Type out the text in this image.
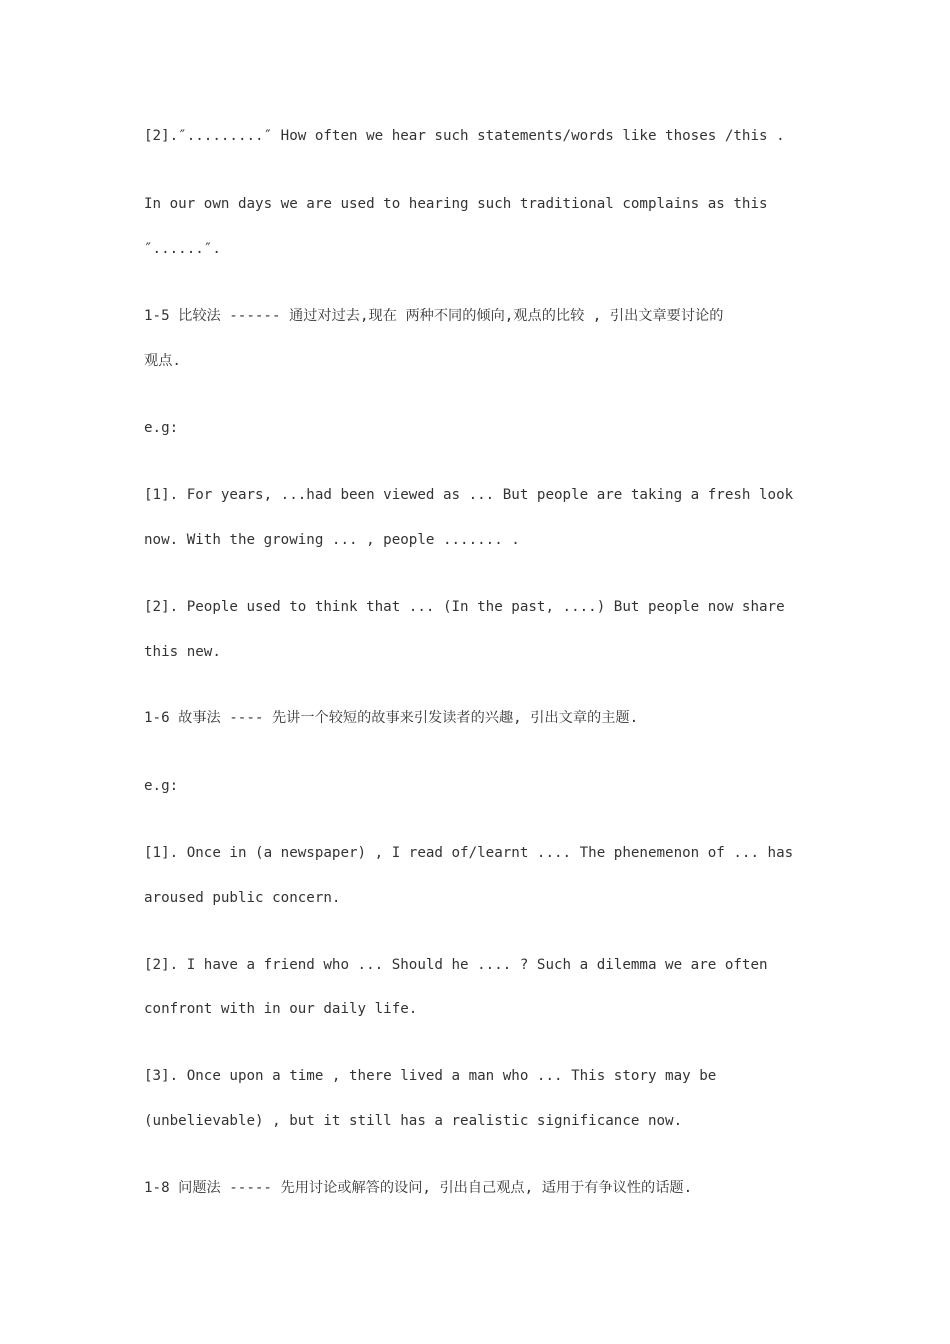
[2].″.........″ How often we hear such statements/words like thoses /this .
In our own days we are used to hearing such traditional complains as this
″......″.
1-5 比较法 ------ 通过对过去,现在 两种不同的倾向,观点的比较 , 引出文章要讨论的
观点.
e.g:
[1]. For years, ...had been viewed as ... But people are taking a fresh look
now. With the growing ... , people ....... .
[2]. People used to think that ... (In the past, ....) But people now share
this new.
1-6 故事法 ---- 先讲一个较短的故事来引发读者的兴趣, 引出文章的主题.
e.g:
[1]. Once in (a newspaper) , I read of/learnt .... The phenemenon of ... has
aroused public concern.
[2]. I have a friend who ... Should he .... ? Such a dilemma we are often
confront with in our daily life.
[3]. Once upon a time , there lived a man who ... This story may be
(unbelievable) , but it still has a realistic significance now.
1-8 问题法 ----- 先用讨论或解答的设问, 引出自己观点, 适用于有争议性的话题.
